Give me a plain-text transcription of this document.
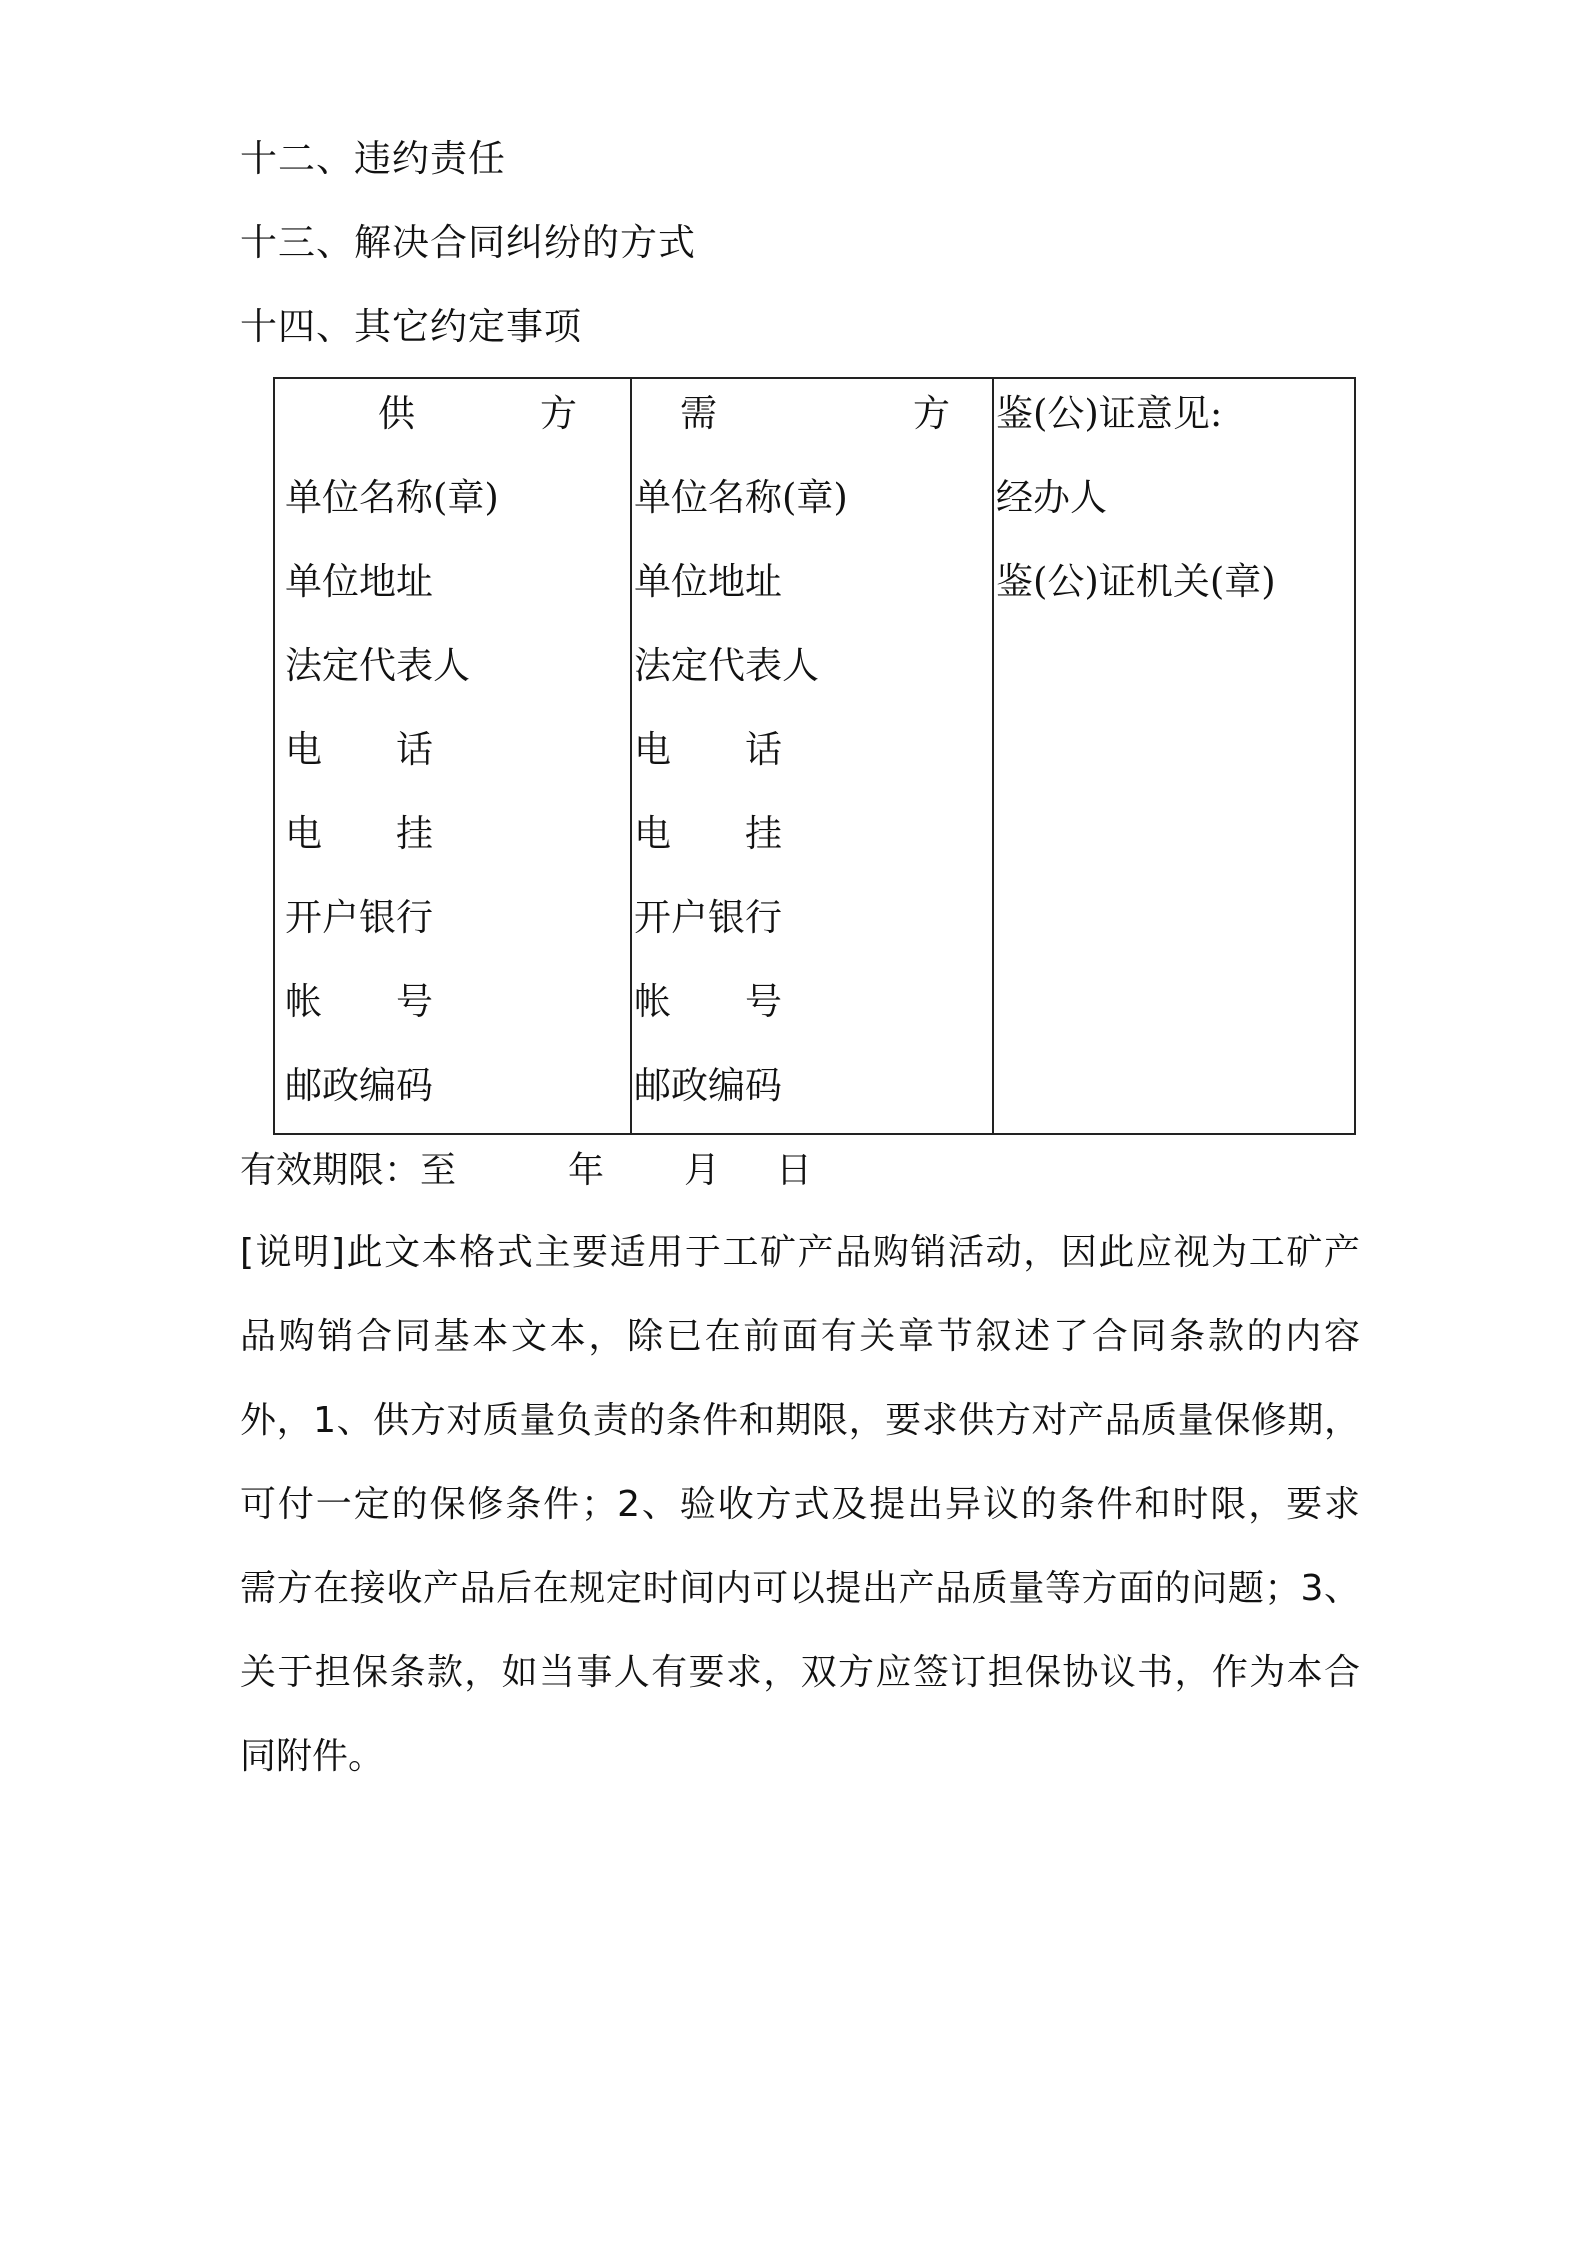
十二、违约责任
十三、解决合同纠纷的方式
十四、其它约定事项
供	方
单位名称(章)
单位地址
法定代表人
电 话
电 挂
开户银行
帐 号
邮政编码
需	方
单位名称(章)
单位地址
法定代表人
电 话
电 挂
开户银行
帐 号
邮政编码
鉴(公)证意见:
经办人
鉴(公)证机关(章)
有效期限：至	年 月 日
[说明]此文本格式主要适用于工矿产品购销活动，因此应视为工矿产
品购销合同基本文本，除已在前面有关章节叙述了合同条款的内容
外，1、供方对质量负责的条件和期限，要求供方对产品质量保修期，
可付一定的保修条件；2、验收方式及提出异议的条件和时限，要求
需方在接收产品后在规定时间内可以提出产品质量等方面的问题；3、
关于担保条款，如当事人有要求，双方应签订担保协议书，作为本合
同附件。
